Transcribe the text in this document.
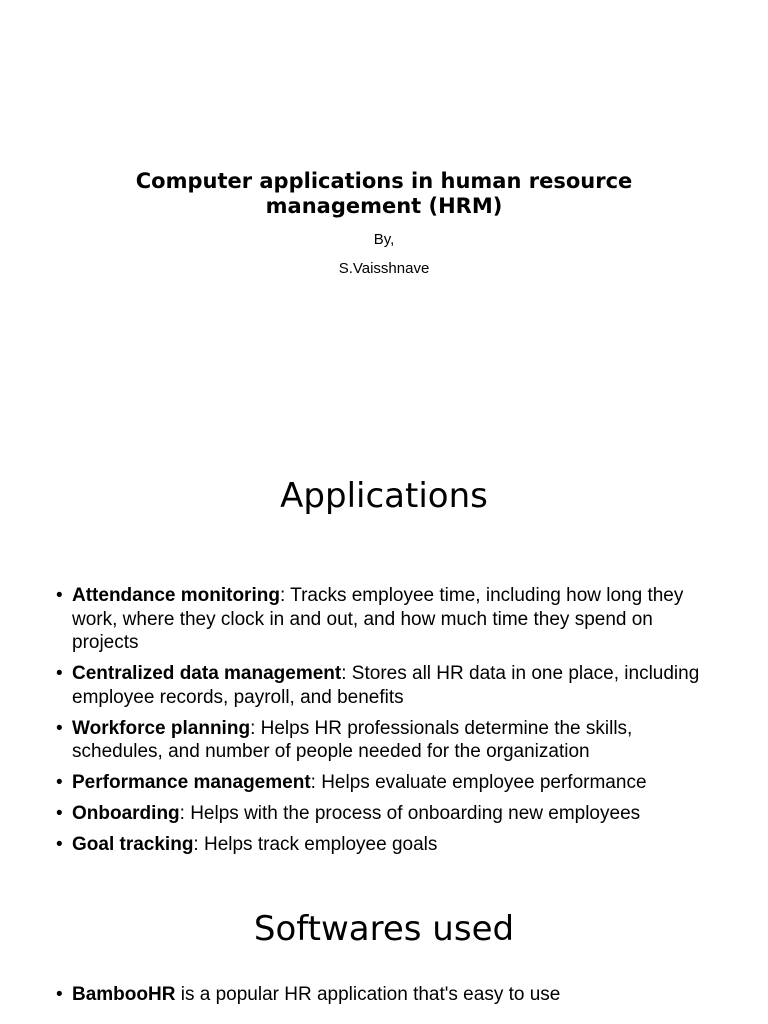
Computer applications in human resource management (HRM)

By,

S.Vaisshnave

Applications
• Attendance monitoring: Tracks employee time, including how long they work, where they clock in and out, and how much time they spend on projects
• Centralized data management: Stores all HR data in one place, including employee records, payroll, and benefits
• Workforce planning: Helps HR professionals determine the skills, schedules, and number of people needed for the organization
• Performance management: Helps evaluate employee performance
• Onboarding: Helps with the process of onboarding new employees
• Goal tracking: Helps track employee goals
Softwares used
• BambooHR is a popular HR application that's easy to use
